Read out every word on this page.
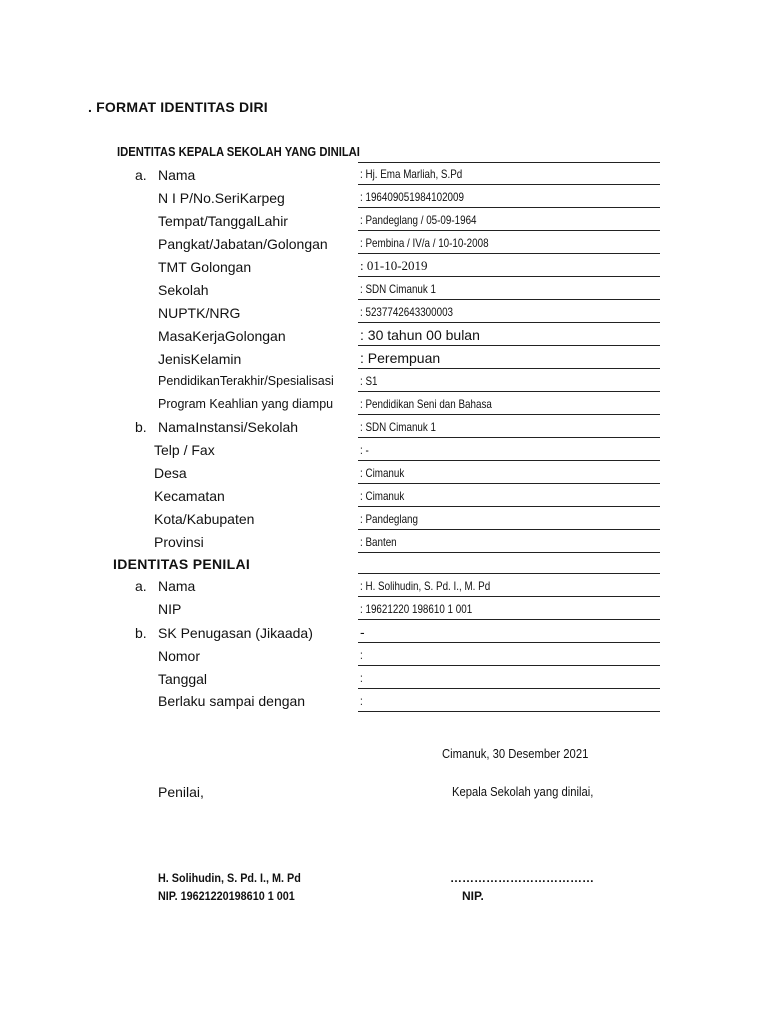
. FORMAT IDENTITAS DIRI
IDENTITAS KEPALA SEKOLAH YANG DINILAI
a. Nama	: Hj. Ema Marliah, S.Pd
N I P/No.SeriKarpeg	: 196409051984102009
Tempat/TanggalLahir	: Pandeglang / 05-09-1964
Pangkat/Jabatan/Golongan	: Pembina / IV/a / 10-10-2008
TMT Golongan	: 01-10-2019
Sekolah	: SDN Cimanuk 1
NUPTK/NRG	: 5237742643300003
MasaKerjaGolongan	: 30 tahun 00 bulan
JenisKelamin	: Perempuan
PendidikanTerakhir/Spesialisasi : S1
Program Keahlian yang diampu	: Pendidikan Seni dan Bahasa
b. NamaInstansi/Sekolah	: SDN Cimanuk 1
Telp / Fax	: -
Desa	: Cimanuk
Kecamatan	: Cimanuk
Kota/Kabupaten	: Pandeglang
Provinsi	: Banten
IDENTITAS PENILAI
a. Nama	: H. Solihudin, S. Pd. I., M. Pd
NIP	: 19621220 198610 1 001
b. SK Penugasan (Jikaada)	-
Nomor	:
Tanggal	:
Berlaku sampai dengan	:
Cimanuk, 30 Desember 2021
Penilai,	Kepala Sekolah yang dinilai,
H. Solihudin, S. Pd. I., M. Pd
NIP. 19621220198610 1 001
………………………………
NIP.
